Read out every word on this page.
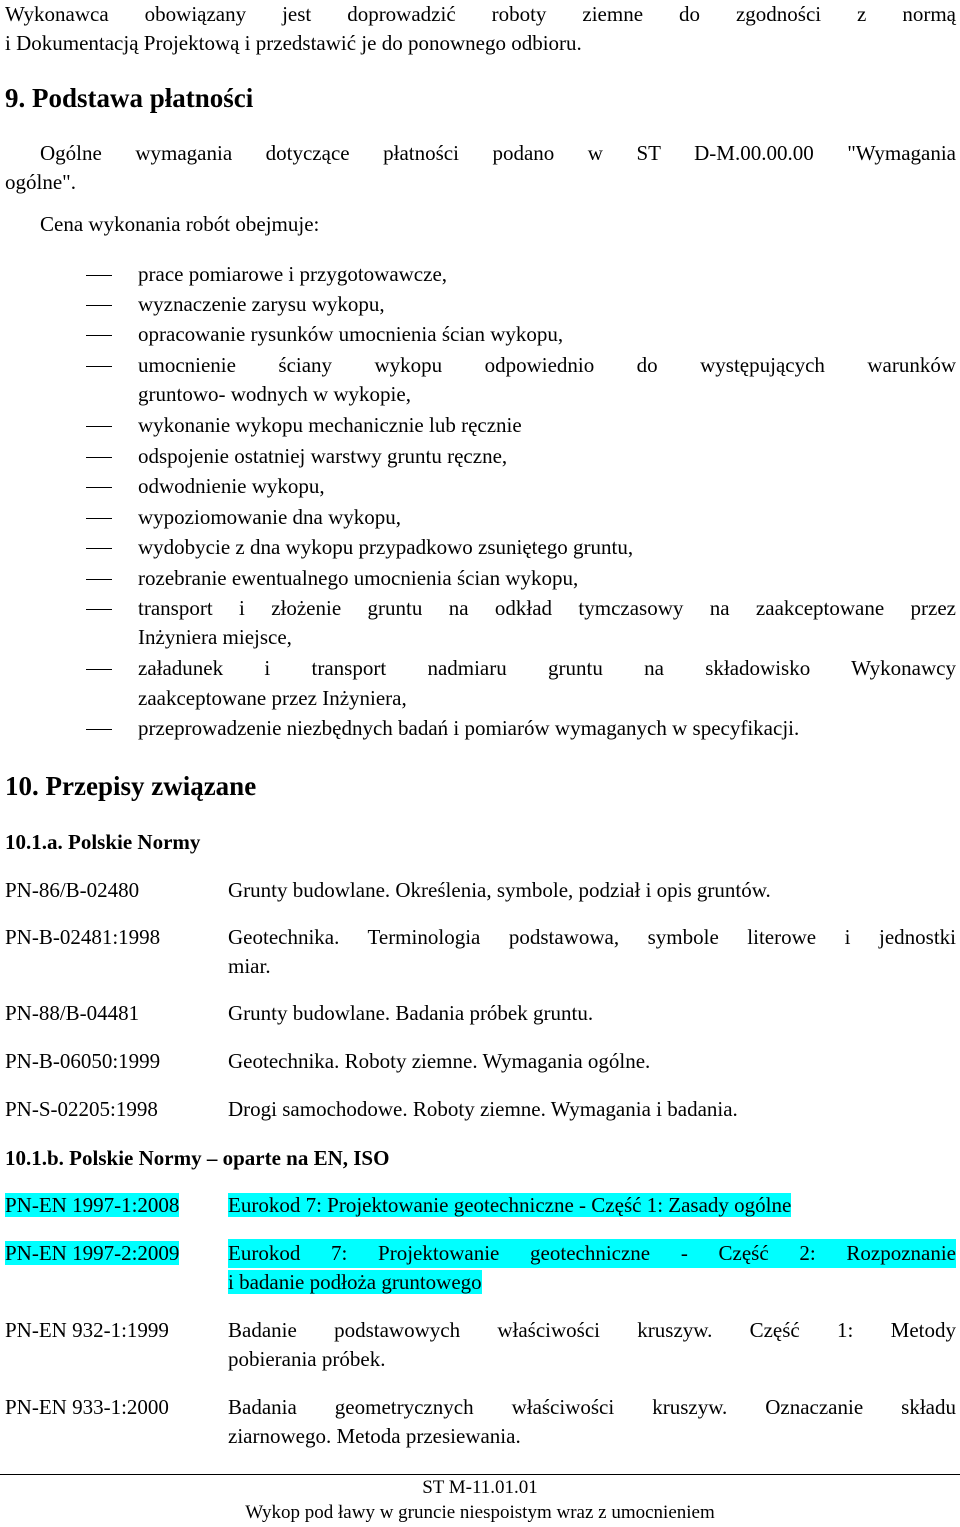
Wykonawca obowiązany jest doprowadzić roboty ziemne do zgodności z normą
i Dokumentacją Projektową i przedstawić je do ponownego odbioru.
9. Podstawa płatności
Ogólne wymagania dotyczące płatności podano w ST D-M.00.00.00 "Wymagania
ogólne".
Cena wykonania robót obejmuje:
prace pomiarowe i przygotowawcze,
wyznaczenie zarysu wykopu,
opracowanie rysunków umocnienia ścian wykopu,
umocnienie ściany wykopu odpowiednio do występujących warunków
gruntowo- wodnych w wykopie,
wykonanie wykopu mechanicznie lub ręcznie
odspojenie ostatniej warstwy gruntu ręczne,
odwodnienie wykopu,
wypoziomowanie dna wykopu,
wydobycie z dna wykopu przypadkowo zsuniętego gruntu,
rozebranie ewentualnego umocnienia ścian wykopu,
transport i złożenie gruntu na odkład tymczasowy na zaakceptowane przez
Inżyniera miejsce,
załadunek i transport nadmiaru gruntu na składowisko Wykonawcy
zaakceptowane przez Inżyniera,
przeprowadzenie niezbędnych badań i pomiarów wymaganych w specyfikacji.
10. Przepisy związane
10.1.a. Polskie Normy
PN-86/B-02480	Grunty budowlane. Określenia, symbole, podział i opis gruntów.
PN-B-02481:1998	Geotechnika. Terminologia podstawowa, symbole literowe i jednostki
miar.
PN-88/B-04481	Grunty budowlane. Badania próbek gruntu.
PN-B-06050:1999	Geotechnika. Roboty ziemne. Wymagania ogólne.
PN-S-02205:1998	Drogi samochodowe. Roboty ziemne. Wymagania i badania.
10.1.b. Polskie Normy – oparte na EN, ISO
PN-EN 1997-1:2008 Eurokod 7: Projektowanie geotechniczne - Część 1: Zasady ogólne
PN-EN 1997-2:2009 Eurokod 7: Projektowanie geotechniczne - Część 2: Rozpoznanie
i badanie podłoża gruntowego
PN-EN 932-1:1999	Badanie podstawowych właściwości kruszyw. Część 1: Metody
pobierania próbek.
PN-EN 933-1:2000	Badania geometrycznych właściwości kruszyw. Oznaczanie składu
ziarnowego. Metoda przesiewania.
ST M-11.01.01
Wykop pod ławy w gruncie niespoistym wraz z umocnieniem
